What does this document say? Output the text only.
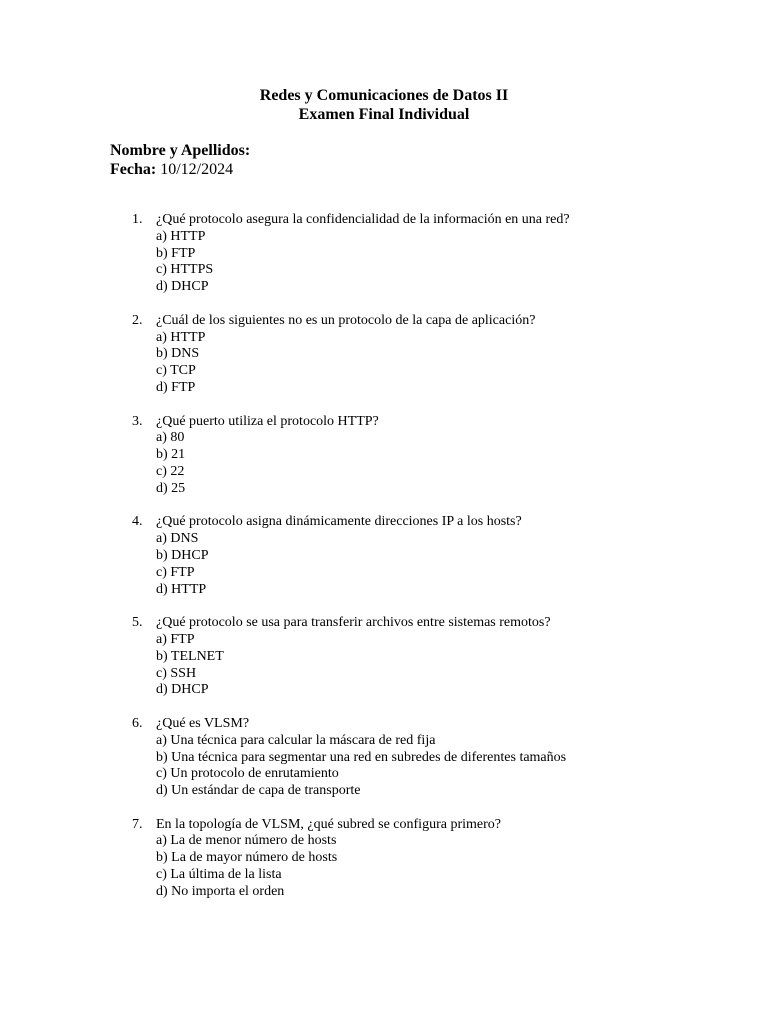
Redes y Comunicaciones de Datos II
Examen Final Individual
Nombre y Apellidos:
Fecha: 10/12/2024
1. ¿Qué protocolo asegura la confidencialidad de la información en una red?
a) HTTP
b) FTP
c) HTTPS
d) DHCP
2. ¿Cuál de los siguientes no es un protocolo de la capa de aplicación?
a) HTTP
b) DNS
c) TCP
d) FTP
3. ¿Qué puerto utiliza el protocolo HTTP?
a) 80
b) 21
c) 22
d) 25
4. ¿Qué protocolo asigna dinámicamente direcciones IP a los hosts?
a) DNS
b) DHCP
c) FTP
d) HTTP
5. ¿Qué protocolo se usa para transferir archivos entre sistemas remotos?
a) FTP
b) TELNET
c) SSH
d) DHCP
6. ¿Qué es VLSM?
a) Una técnica para calcular la máscara de red fija
b) Una técnica para segmentar una red en subredes de diferentes tamaños
c) Un protocolo de enrutamiento
d) Un estándar de capa de transporte
7. En la topología de VLSM, ¿qué subred se configura primero?
a) La de menor número de hosts
b) La de mayor número de hosts
c) La última de la lista
d) No importa el orden
